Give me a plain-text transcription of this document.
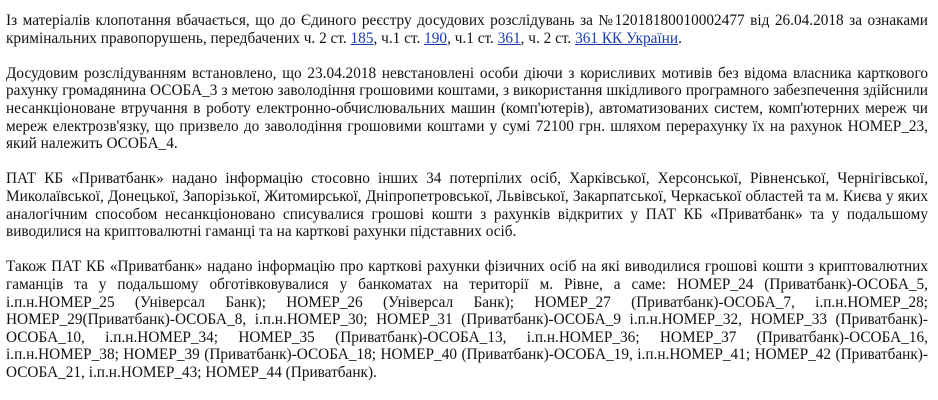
Із матеріалів клопотання вбачається, що до Єдиного реєстру досудових розслідувань за №12018180010002477 від 26.04.2018 за ознаками кримінальних правопорушень, передбачених ч. 2 ст. 185, ч.1 ст. 190, ч.1 ст. 361, ч. 2 ст. 361 КК України.

Досудовим розслідуванням встановлено, що 23.04.2018 невстановлені особи діючи з корисливих мотивів без відома власника карткового рахунку громадянина ОСОБА_3 з метою заволодіння грошовими коштами, з використання шкідливого програмного забезпечення здійснили несанкціоноване втручання в роботу електронно-обчислювальних машин (комп'ютерів), автоматизованих систем, комп'ютерних мереж чи мереж електрозв'язку, що призвело до заволодіння грошовими коштами у сумі 72100 грн. шляхом перерахунку їх на рахунок НОМЕР_23, який належить ОСОБА_4.

ПАТ КБ «Приватбанк» надано інформацію стосовно інших 34 потерпілих осіб, Харківської, Херсонської, Рівненської, Чернігівської, Миколаївської, Донецької, Запорізької, Житомирської, Дніпропетровської, Львівської, Закарпатської, Черкаської областей та м. Києва у яких аналогічним способом несанкціоновано списувалися грошові кошти з рахунків відкритих у ПАТ КБ «Приватбанк» та у подальшому виводилися на криптовалютні гаманці та на карткові рахунки підставних осіб.

Також ПАТ КБ «Приватбанк» надано інформацію про карткові рахунки фізичних осіб на які виводилися грошові кошти з криптовалютних гаманців та у подальшому обготівковувалися у банкоматах на території м. Рівне, а саме: НОМЕР_24 (Приватбанк)-ОСОБА_5, і.п.н.НОМЕР_25 (Універсал Банк); НОМЕР_26 (Універсал Банк); НОМЕР_27 (Приватбанк)-ОСОБА_7, і.п.н.НОМЕР_28; НОМЕР_29(Приватбанк)-ОСОБА_8, і.п.н.НОМЕР_30; НОМЕР_31 (Приватбанк)-ОСОБА_9 і.п.н.НОМЕР_32, НОМЕР_33 (Приватбанк)-ОСОБА_10, і.п.н.НОМЕР_34; НОМЕР_35 (Приватбанк)-ОСОБА_13, і.п.н.НОМЕР_36; НОМЕР_37 (Приватбанк)-ОСОБА_16, і.п.н.НОМЕР_38; НОМЕР_39 (Приватбанк)-ОСОБА_18; НОМЕР_40 (Приватбанк)-ОСОБА_19, і.п.н.НОМЕР_41; НОМЕР_42 (Приватбанк)-ОСОБА_21, і.п.н.НОМЕР_43; НОМЕР_44 (Приватбанк).
